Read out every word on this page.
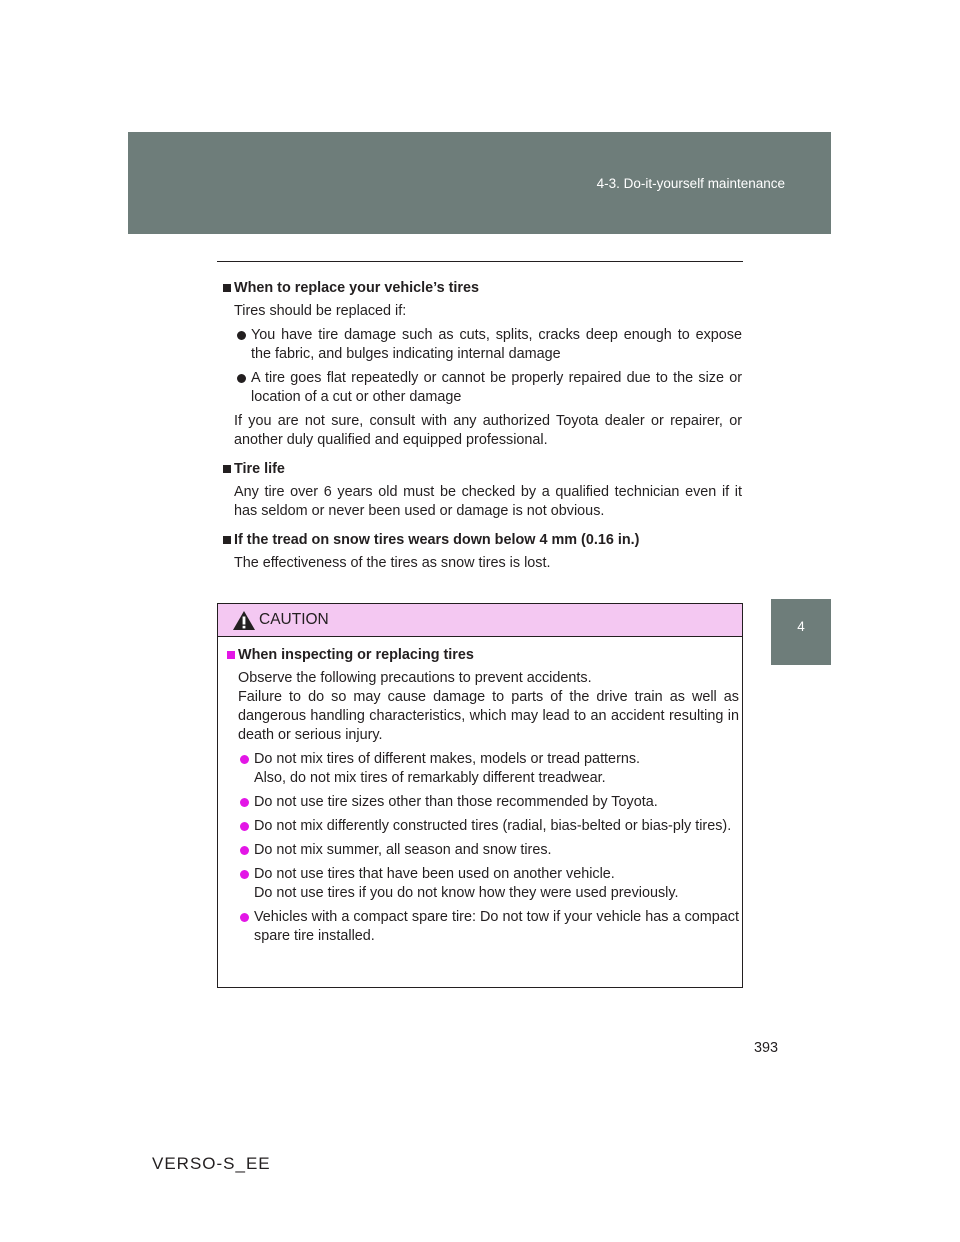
4-3. Do-it-yourself maintenance
4
Maintenance and care

When to replace your vehicle’s tires

Tires should be replaced if:

You have tire damage such as cuts, splits, cracks deep enough to expose the fabric, and bulges indicating internal damage

A tire goes flat repeatedly or cannot be properly repaired due to the size or location of a cut or other damage

If you are not sure, consult with any authorized Toyota dealer or repairer, or another duly qualified and equipped professional.

Tire life

Any tire over 6 years old must be checked by a qualified technician even if it has seldom or never been used or damage is not obvious.

If the tread on snow tires wears down below 4 mm (0.16 in.)

The effectiveness of the tires as snow tires is lost.

CAUTION

When inspecting or replacing tires

Observe the following precautions to prevent accidents.
Failure to do so may cause damage to parts of the drive train as well as dangerous handling characteristics, which may lead to an accident resulting in death or serious injury.

Do not mix tires of different makes, models or tread patterns.
Also, do not mix tires of remarkably different treadwear.

Do not use tire sizes other than those recommended by Toyota.

Do not mix differently constructed tires (radial, bias-belted or bias-ply tires).

Do not mix summer, all season and snow tires.

Do not use tires that have been used on another vehicle.
Do not use tires if you do not know how they were used previously.

Vehicles with a compact spare tire: Do not tow if your vehicle has a compact spare tire installed.

393
VERSO-S_EE
